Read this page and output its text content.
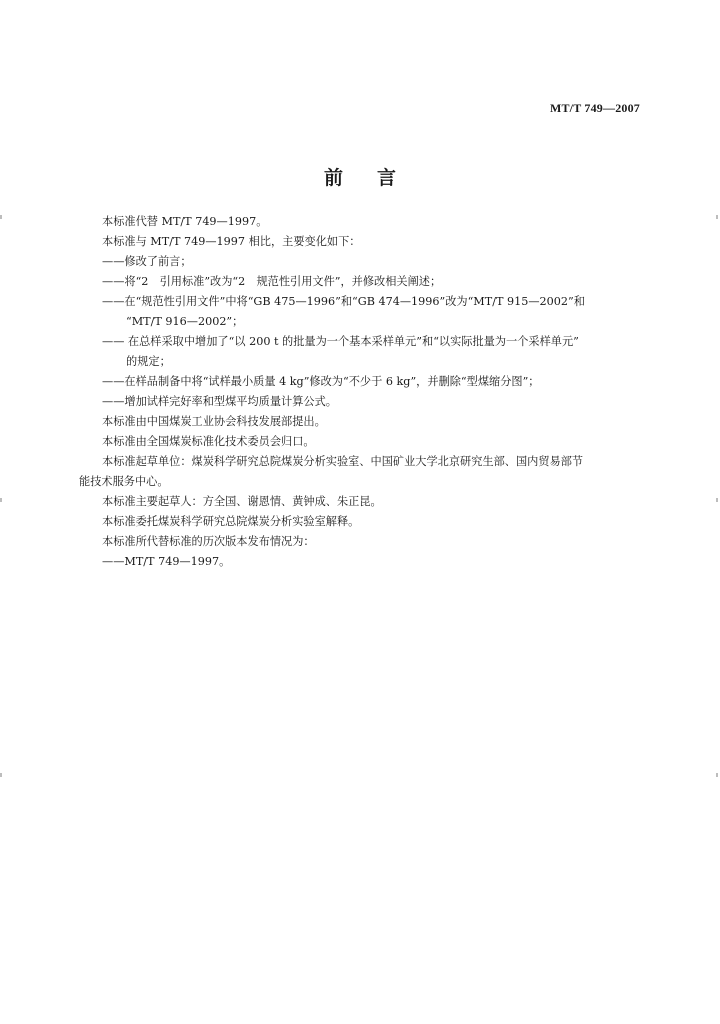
MT/T 749—2007
前言
本标准代替 MT/T 749—1997。
本标准与 MT/T 749—1997 相比，主要变化如下：
——修改了前言；
——将“2　引用标准”改为“2　规范性引用文件”，并修改相关阐述；
——在“规范性引用文件”中将“GB 475—1996”和“GB 474—1996”改为“MT/T 915—2002”和
“MT/T 916—2002”；
—— 在总样采取中增加了“以 200 t 的批量为一个基本采样单元”和“以实际批量为一个采样单元”
的规定；
——在样品制备中将“试样最小质量 4 kg”修改为“不少于 6 kg”，并删除“型煤缩分图”；
——增加试样完好率和型煤平均质量计算公式。
本标准由中国煤炭工业协会科技发展部提出。
本标准由全国煤炭标准化技术委员会归口。
本标准起草单位：煤炭科学研究总院煤炭分析实验室、中国矿业大学北京研究生部、国内贸易部节
能技术服务中心。
本标准主要起草人：方全国、谢恩情、黄钟成、朱正昆。
本标准委托煤炭科学研究总院煤炭分析实验室解释。
本标准所代替标准的历次版本发布情况为：
——MT/T 749—1997。
